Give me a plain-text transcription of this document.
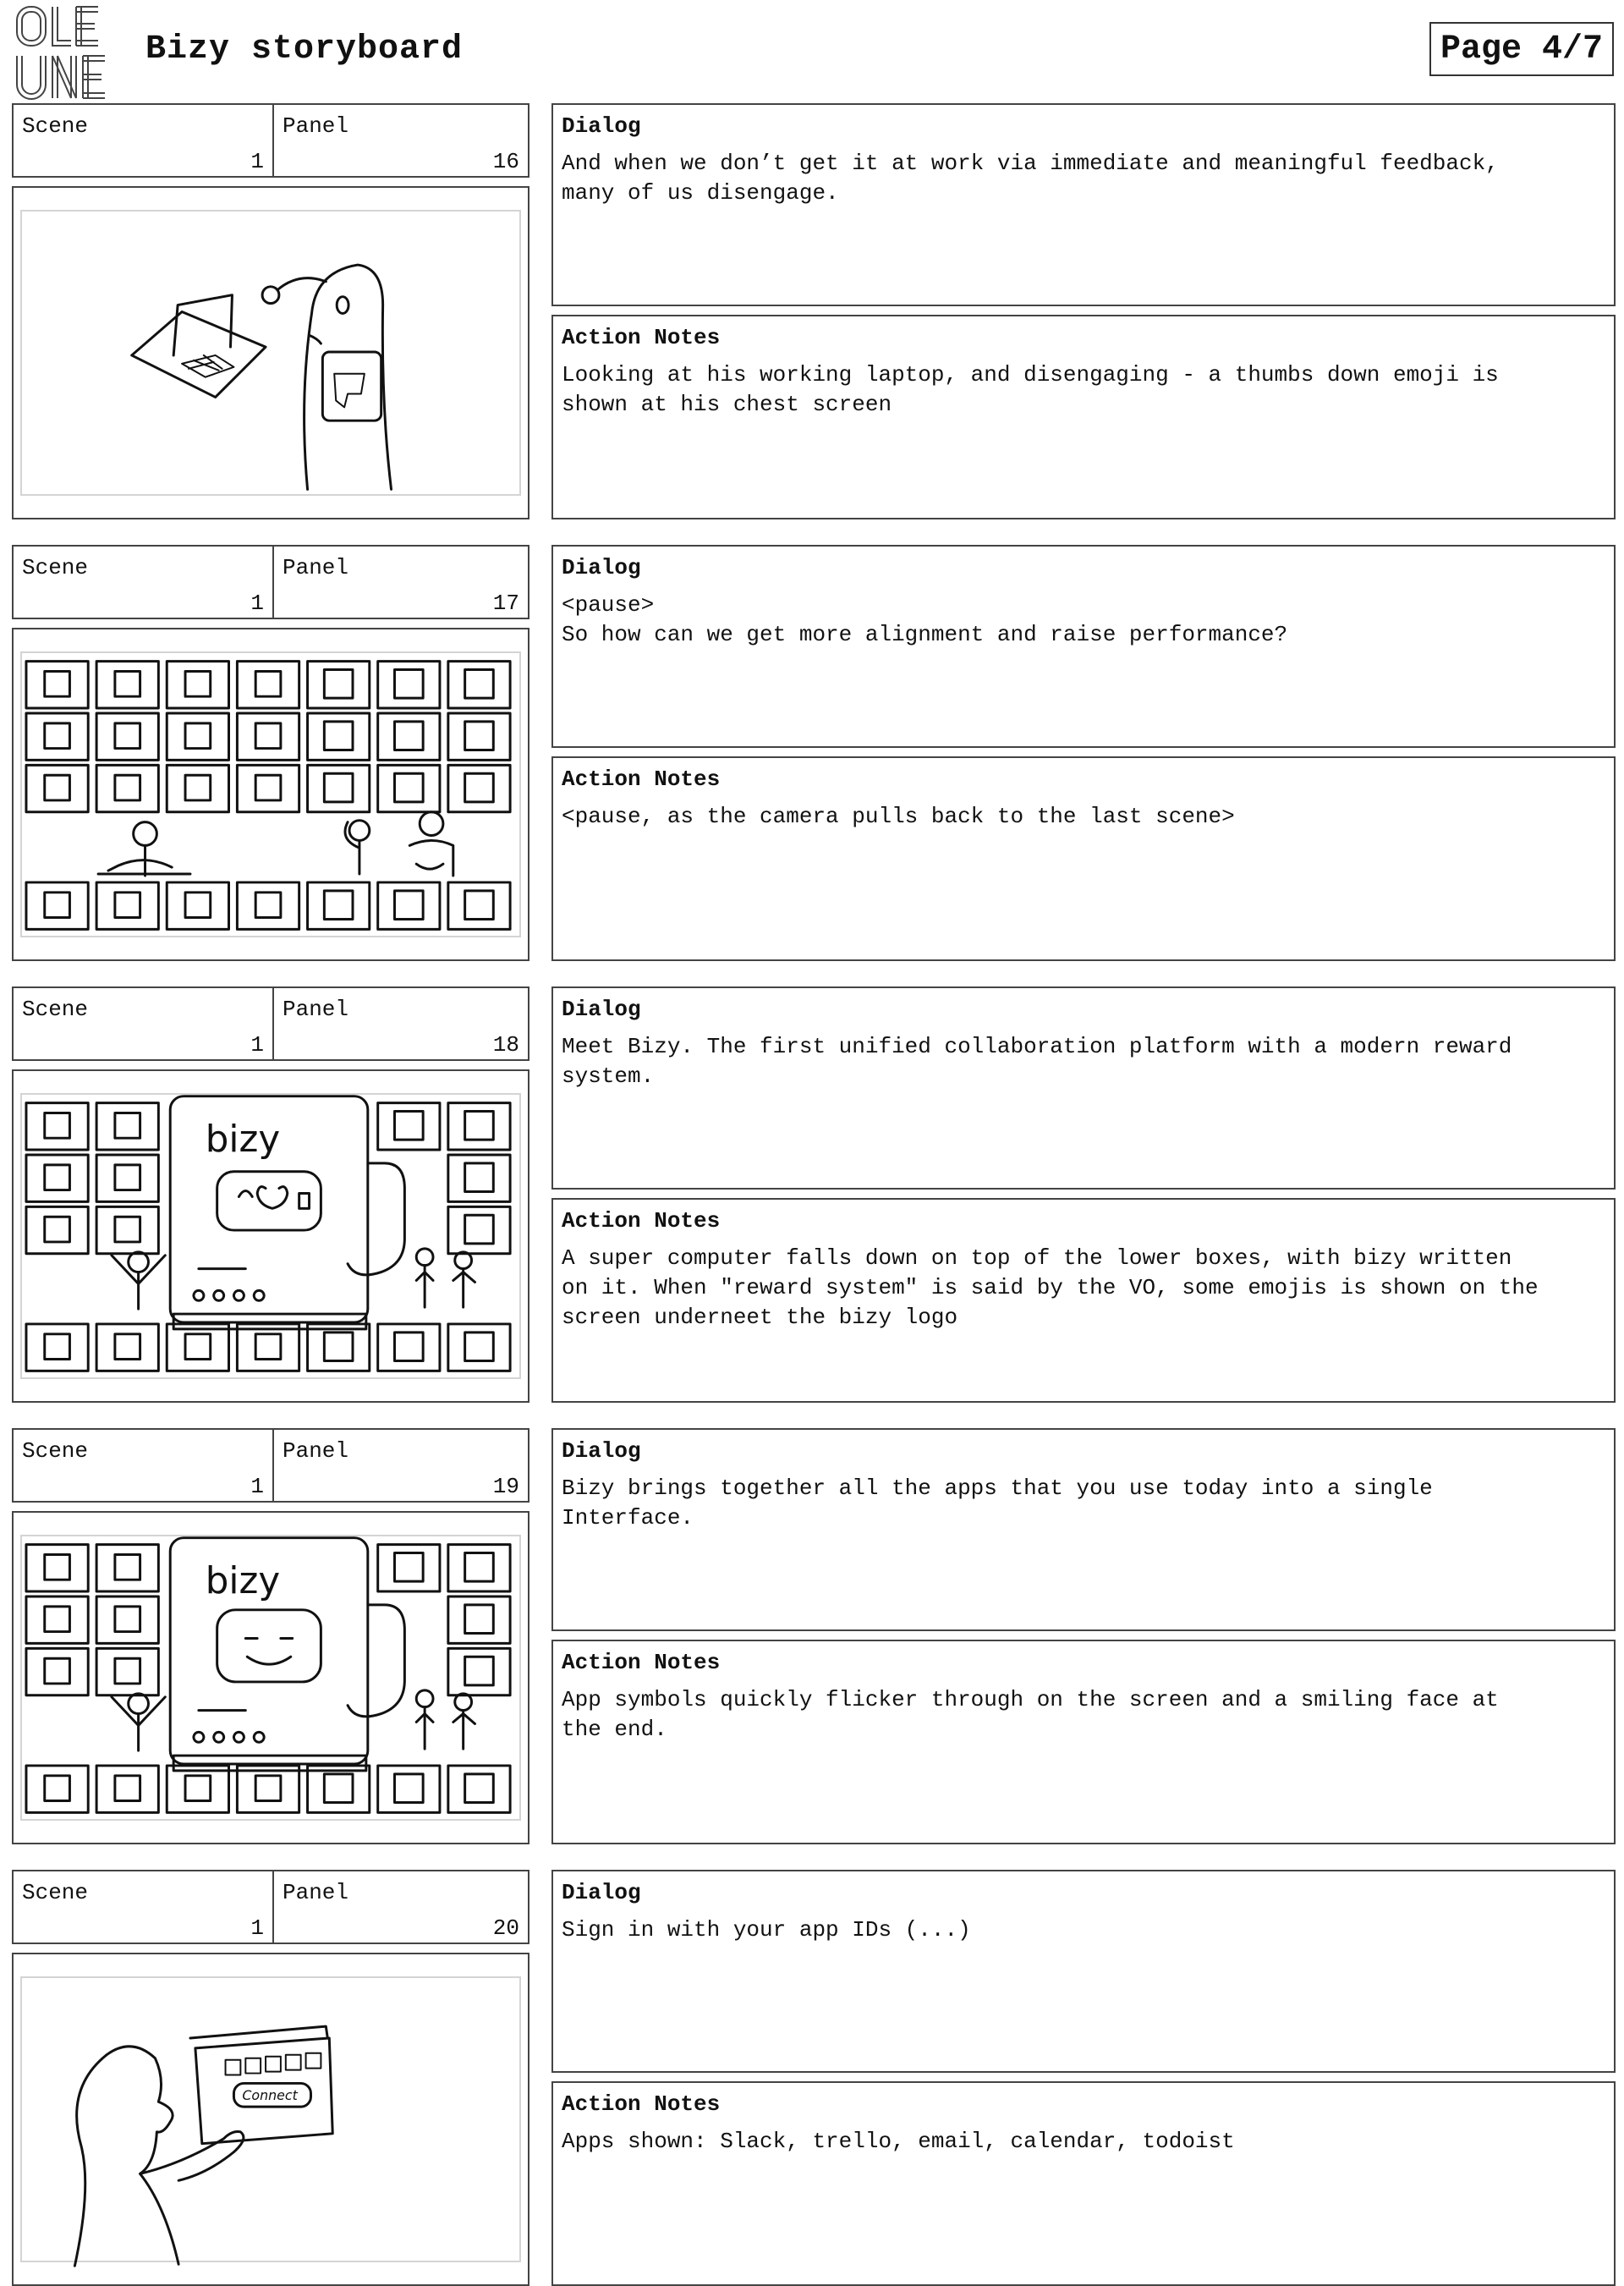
Bizy storyboard	Page 4/7
Scene	Panel
1	16
Dialog
And when we don’t get it at work via immediate and meaningful feedback,
many of us disengage.
Action Notes
Looking at his working laptop, and disengaging - a thumbs down emoji is
shown at his chest screen
Scene	Panel
1	17
Dialog
<pause>
So how can we get more alignment and raise performance?
Action Notes
<pause, as the camera pulls back to the last scene>
Scene	Panel
1	18
bizy
Dialog
Meet Bizy. The first unified collaboration platform with a modern reward
system.
Action Notes
A super computer falls down on top of the lower boxes, with bizy written
on it. When "reward system" is said by the VO, some emojis is shown on the
screen underneet the bizy logo
Scene	Panel
1	19
bizy
Dialog
Bizy brings together all the apps that you use today into a single
Interface.
Action Notes
App symbols quickly flicker through on the screen and a smiling face at
the end.
Scene	Panel
1	20
Connect
Dialog
Sign in with your app IDs (...)
Action Notes
Apps shown: Slack, trello, email, calendar, todoist
